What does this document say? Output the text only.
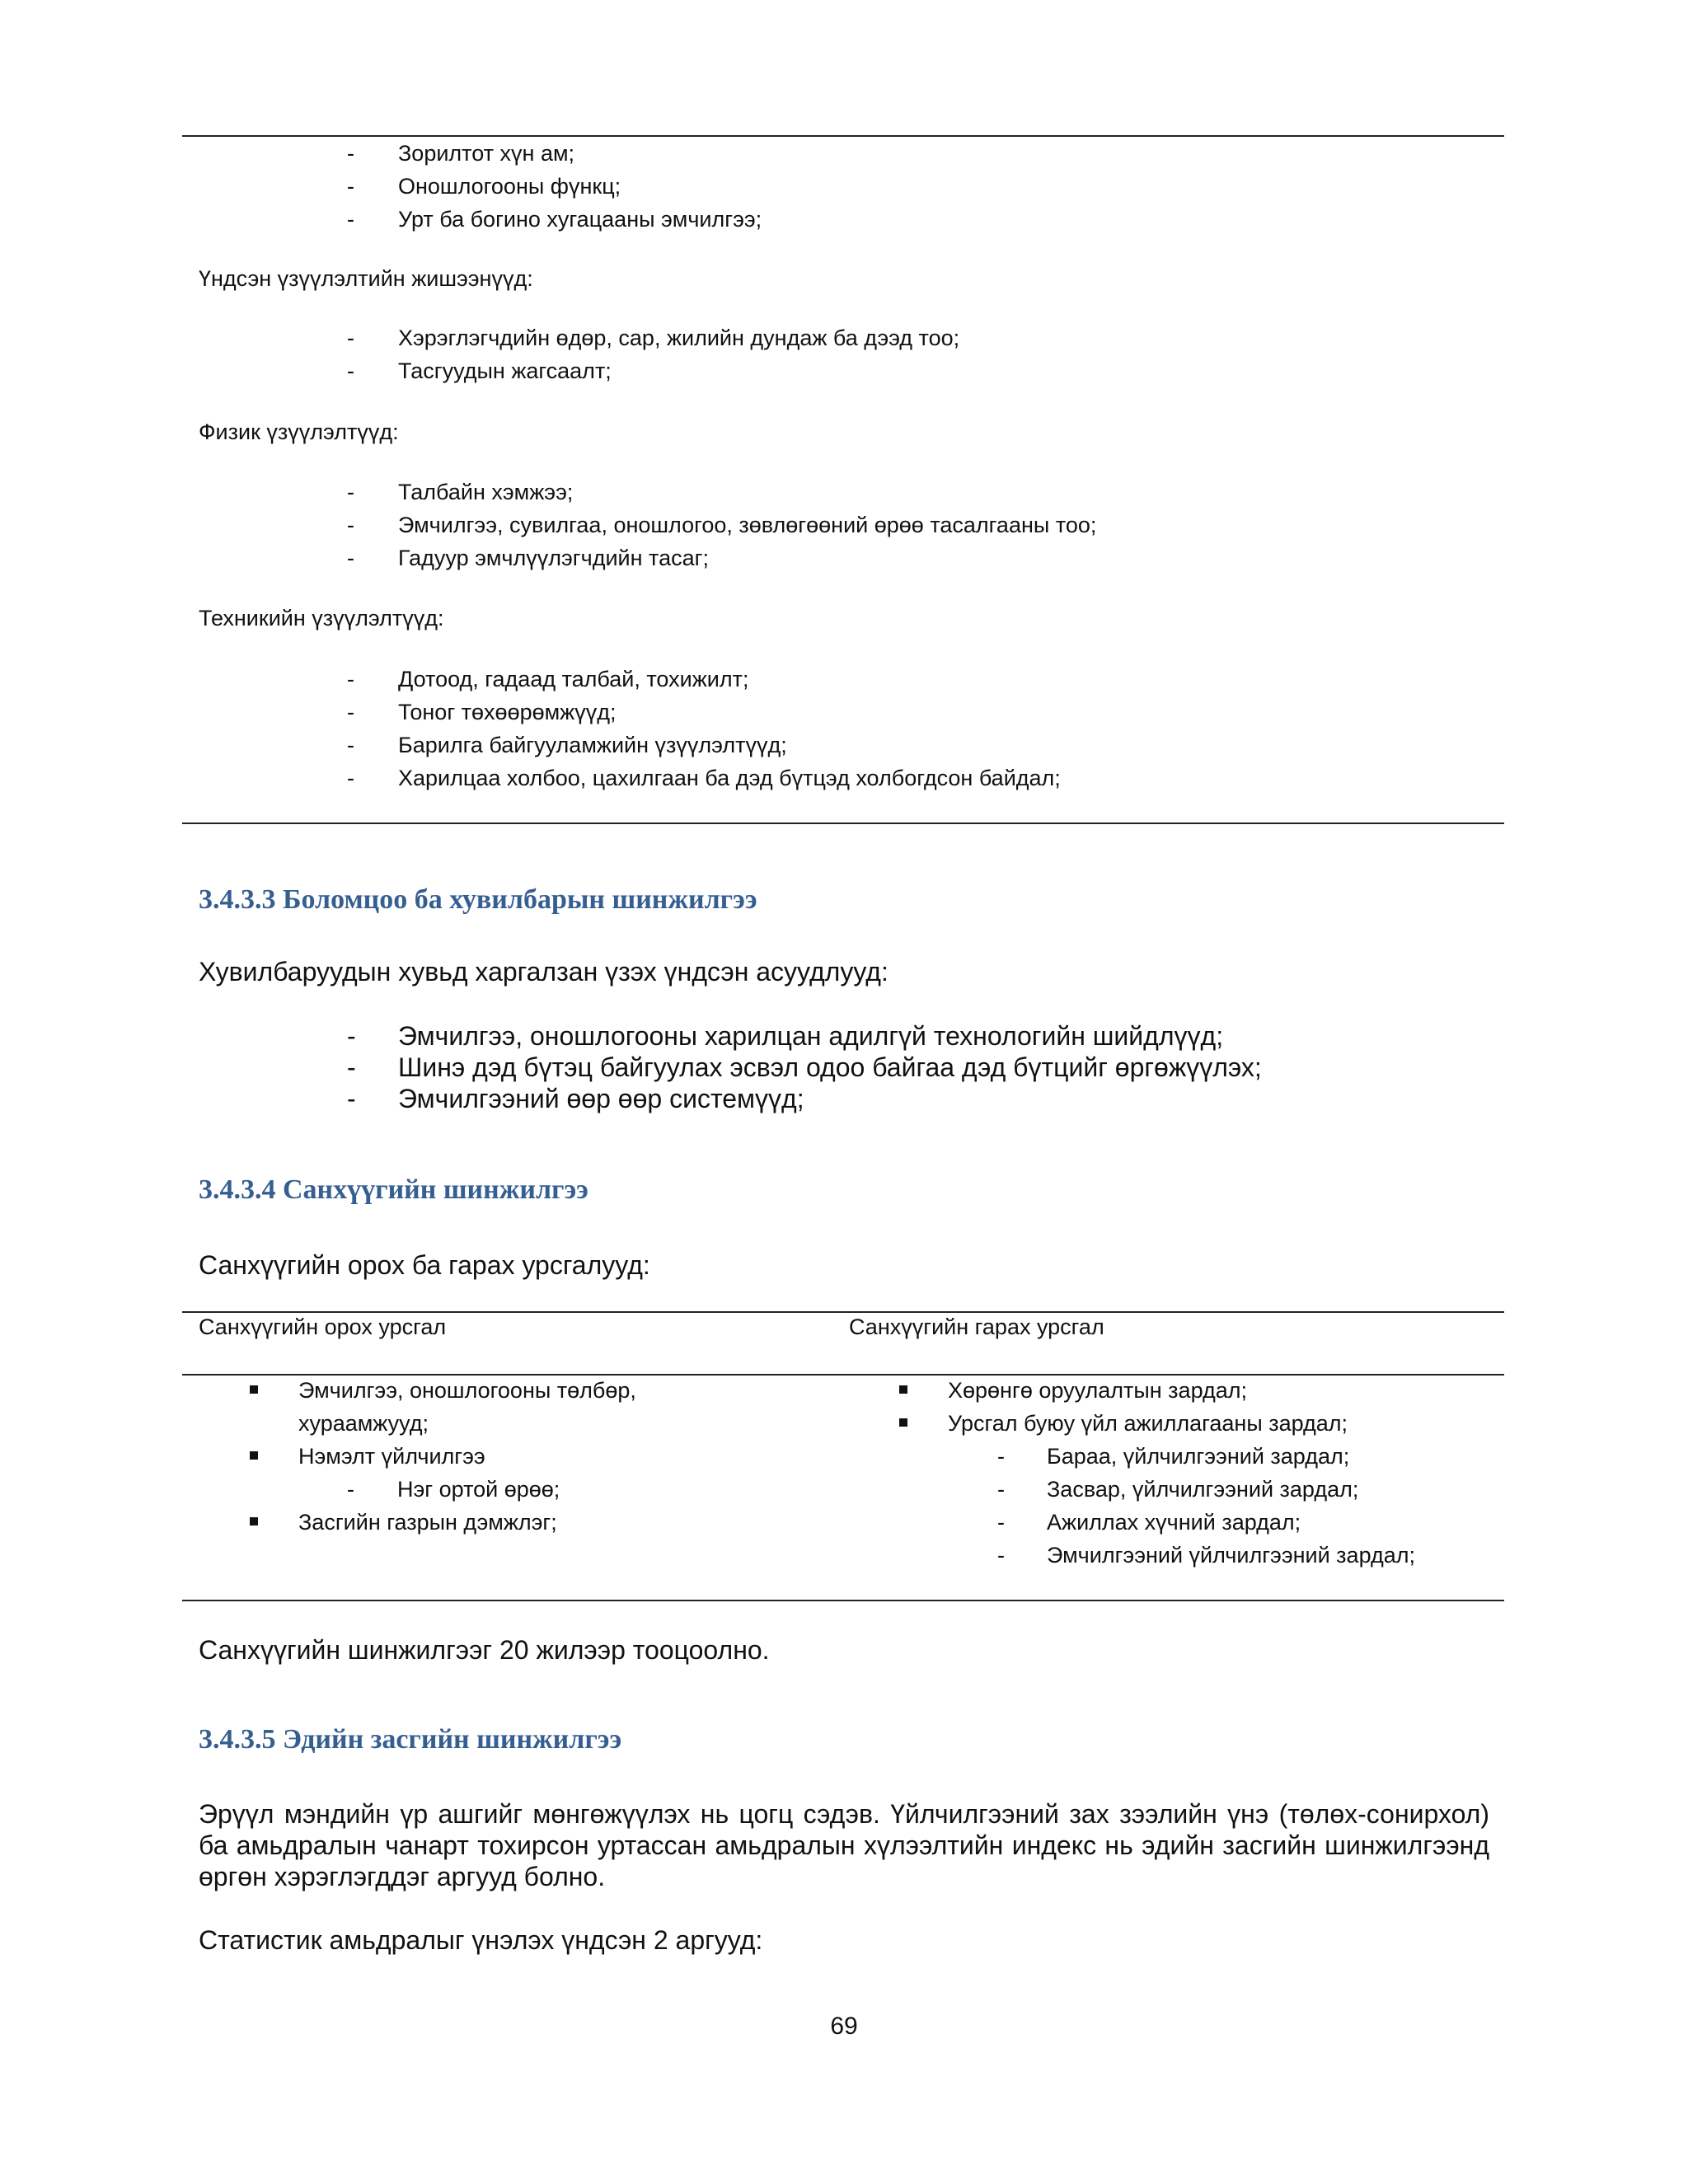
- Зорилтот хүн ам;
- Оношлогооны фүнкц;
- Урт ба богино хугацааны эмчилгээ;

Үндсэн үзүүлэлтийн жишээнүүд:

- Хэрэглэгчдийн өдөр, сар, жилийн дундаж ба дээд тоо;
- Тасгуудын жагсаалт;

Физик үзүүлэлтүүд:

- Талбайн хэмжээ;
- Эмчилгээ, сувилгаа, оношлогоо, зөвлөгөөний өрөө тасалгааны тоо;
- Гадуур эмчлүүлэгчдийн тасаг;

Техникийн үзүүлэлтүүд:

- Дотоод, гадаад талбай, тохижилт;
- Тоног төхөөрөмжүүд;
- Барилга байгууламжийн үзүүлэлтүүд;
- Харилцаа холбоо, цахилгаан ба дэд бүтцэд холбогдсон байдал;
3.4.3.3 Боломцоо ба хувилбарын шинжилгээ

Хувилбаруудын хувьд харгалзан үзэх үндсэн асуудлууд:

- Эмчилгээ, оношлогооны харилцан адилгүй технологийн шийдлүүд;
- Шинэ дэд бүтэц байгуулах эсвэл одоо байгаа дэд бүтцийг өргөжүүлэх;
- Эмчилгээний өөр өөр системүүд;
3.4.3.4 Санхүүгийн шинжилгээ

Санхүүгийн орох ба гарах урсгалууд:

Санхүүгийн орох урсгал	Санхүүгийн гарах урсгал
Эмчилгээ, оношлогооны төлбөр,
хураамжууд;
Нэмэлт үйлчилгээ
- Нэг ортой өрөө;
Засгийн газрын дэмжлэг;
Хөрөнгө оруулалтын зардал;
Урсгал буюу үйл ажиллагааны зардал;
- Бараа, үйлчилгээний зардал;
- Засвар, үйлчилгээний зардал;
- Ажиллах хүчний зардал;
- Эмчилгээний үйлчилгээний зардал;

Санхүүгийн шинжилгээг 20 жилээр тооцоолно.

3.4.3.5 Эдийн засгийн шинжилгээ

Эрүүл мэндийн үр ашгийг мөнгөжүүлэх нь цогц сэдэв. Үйлчилгээний зах зээлийн үнэ (төлөх-сонирхол) ба амьдралын чанарт тохирсон уртассан амьдралын хүлээлтийн индекс нь эдийн засгийн шинжилгээнд өргөн хэрэглэгддэг аргууд болно.

Статистик амьдралыг үнэлэх үндсэн 2 аргууд:

69
